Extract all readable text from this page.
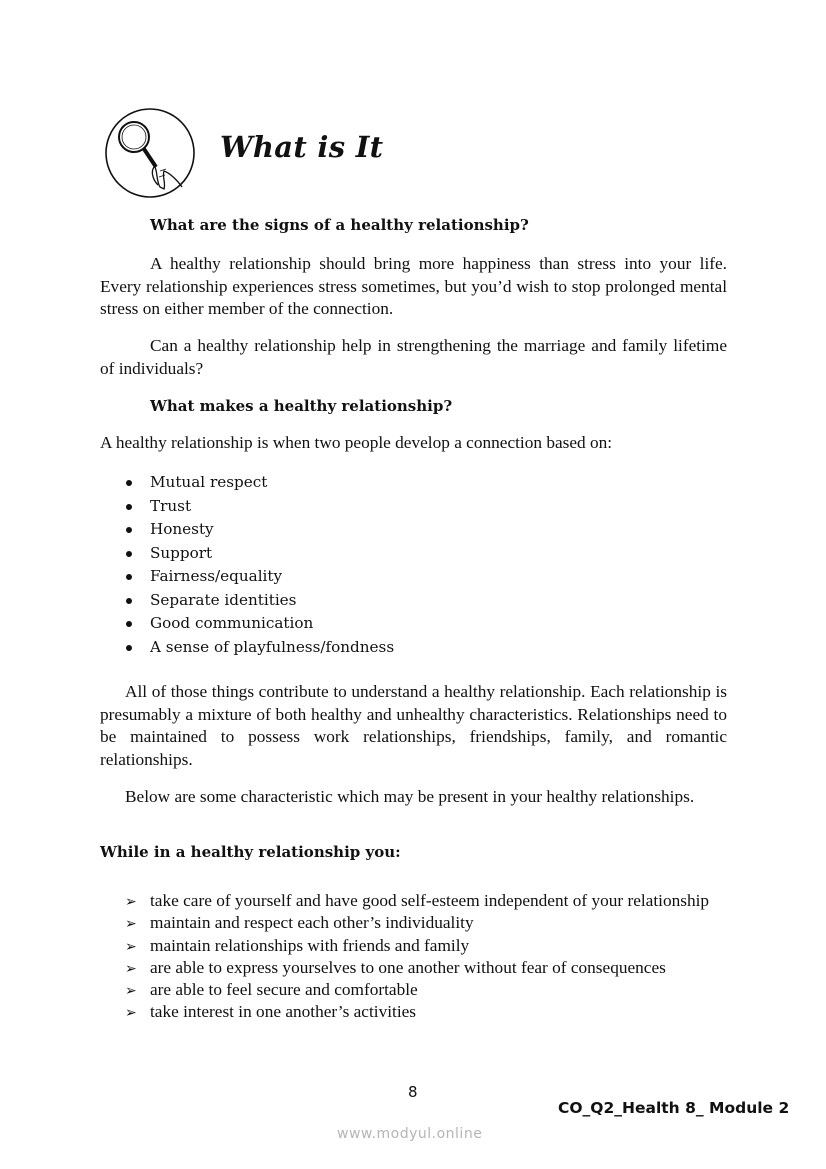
What is It
What are the signs of a healthy relationship?
A healthy relationship should bring more happiness than stress into your life. Every relationship experiences stress sometimes, but you’d wish to stop prolonged mental stress on either member of the connection.
Can a healthy relationship help in strengthening the marriage and family lifetime of individuals?
What makes a healthy relationship?
A healthy relationship is when two people develop a connection based on:
Mutual respect
Trust
Honesty
Support
Fairness/equality
Separate identities
Good communication
A sense of playfulness/fondness
All of those things contribute to understand a healthy relationship. Each relationship is presumably a mixture of both healthy and unhealthy characteristics. Relationships need to be maintained to possess work relationships, friendships, family, and romantic relationships.
Below are some characteristic which may be present in your healthy relationships.
While in a healthy relationship you:
➢ take care of yourself and have good self-esteem independent of your relationship
➢ maintain and respect each other’s individuality
➢ maintain relationships with friends and family
➢ are able to express yourselves to one another without fear of consequences
➢ are able to feel secure and comfortable
➢ take interest in one another’s activities
8
CO_Q2_Health 8_ Module 2
www.modyul.online
